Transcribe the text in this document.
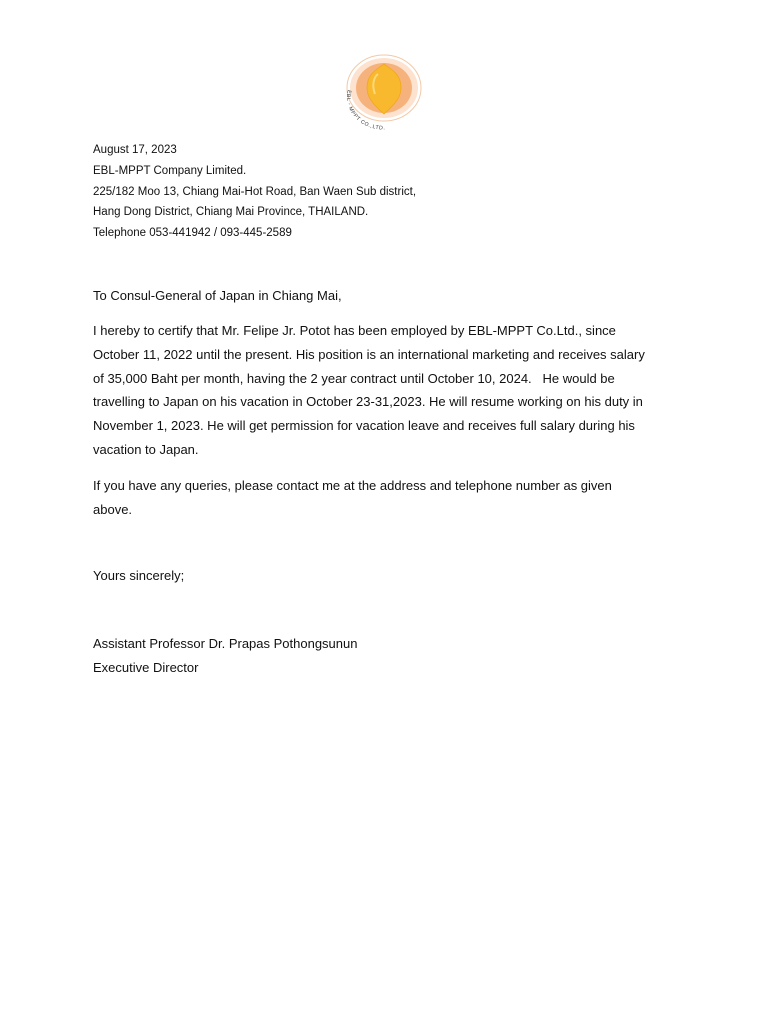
EBL - MPPT CO.,LTD.
August 17, 2023
EBL-MPPT Company Limited.
225/182 Moo 13, Chiang Mai-Hot Road, Ban Waen Sub district,
Hang Dong District, Chiang Mai Province, THAILAND.
Telephone 053-441942 / 093-445-2589
To Consul-General of Japan in Chiang Mai,

I hereby to certify that Mr. Felipe Jr. Potot has been employed by EBL-MPPT Co.Ltd., since
October 11, 2022 until the present. His position is an international marketing and receives salary
of 35,000 Baht per month, having the 2 year contract until October 10, 2024.   He would be
travelling to Japan on his vacation in October 23-31,2023. He will resume working on his duty in
November 1, 2023. He will get permission for vacation leave and receives full salary during his
vacation to Japan.

If you have any queries, please contact me at the address and telephone number as given
above.

Yours sincerely;
Assistant Professor Dr. Prapas Pothongsunun
Executive Director
